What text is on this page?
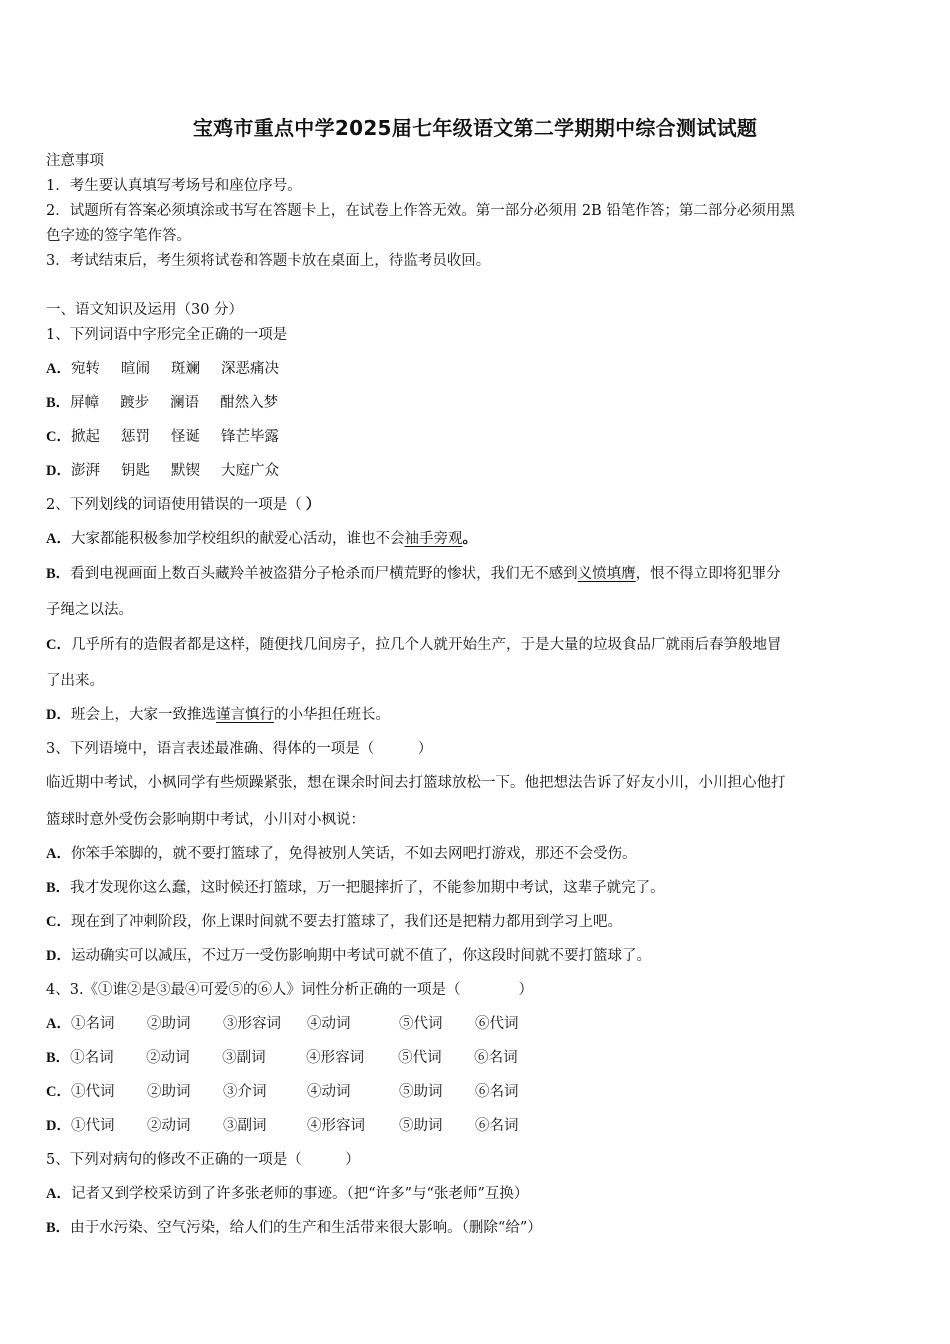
宝鸡市重点中学2025届七年级语文第二学期期中综合测试试题
注意事项
1．考生要认真填写考场号和座位序号。
2．试题所有答案必须填涂或书写在答题卡上，在试卷上作答无效。第一部分必须用 2B 铅笔作答；第二部分必须用黑
色字迹的签字笔作答。
3．考试结束后，考生须将试卷和答题卡放在桌面上，待监考员收回。
一、语文知识及运用（30 分）
1、下列词语中字形完全正确的一项是
A．宛转 暄闹 斑斓 深恶痛决
B．屏幛 踱步 澜语 酣然入梦
C．掀起 惩罚 怪诞 锋芒毕露
D．澎湃 钥匙 默锲 大庭广众
2、下列划线的词语使用错误的一项是（ ）
A．大家都能积极参加学校组织的献爱心活动，谁也不会袖手旁观。
B．看到电视画面上数百头藏羚羊被盗猎分子枪杀而尸横荒野的惨状，我们无不感到义愤填膺，恨不得立即将犯罪分
子绳之以法。
C．几乎所有的造假者都是这样，随便找几间房子，拉几个人就开始生产，于是大量的垃圾食品厂就雨后春笋般地冒
了出来。
D．班会上，大家一致推选谨言慎行的小华担任班长。
3、下列语境中，语言表述最准确、得体的一项是（　　　）
临近期中考试，小枫同学有些烦躁紧张，想在课余时间去打篮球放松一下。他把想法告诉了好友小川，小川担心他打
篮球时意外受伤会影响期中考试，小川对小枫说：
A．你笨手笨脚的，就不要打篮球了，免得被别人笑话，不如去网吧打游戏，那还不会受伤。
B．我才发现你这么蠢，这时候还打篮球，万一把腿摔折了，不能参加期中考试，这辈子就完了。
C．现在到了冲刺阶段，你上课时间就不要去打篮球了，我们还是把精力都用到学习上吧。
D．运动确实可以减压，不过万一受伤影响期中考试可就不值了，你这段时间就不要打篮球了。
4、3.《①谁②是③最④可爱⑤的⑥人》词性分析正确的一项是（　　　　）
A．①名词 ②助词 ③形容词 ④动词	⑤代词 ⑥代词
B．①名词 ②动词 ③副词	④形容词 ⑤代词 ⑥名词
C．①代词 ②助词 ③介词	④动词	⑤助词 ⑥名词
D．①代词 ②动词 ③副词	④形容词 ⑤助词 ⑥名词
5、下列对病句的修改不正确的一项是（　　　）
A．记者又到学校采访到了许多张老师的事迹。（把“许多”与“张老师”互换）
B．由于水污染、空气污染，给人们的生产和生活带来很大影响。（删除“给”）
